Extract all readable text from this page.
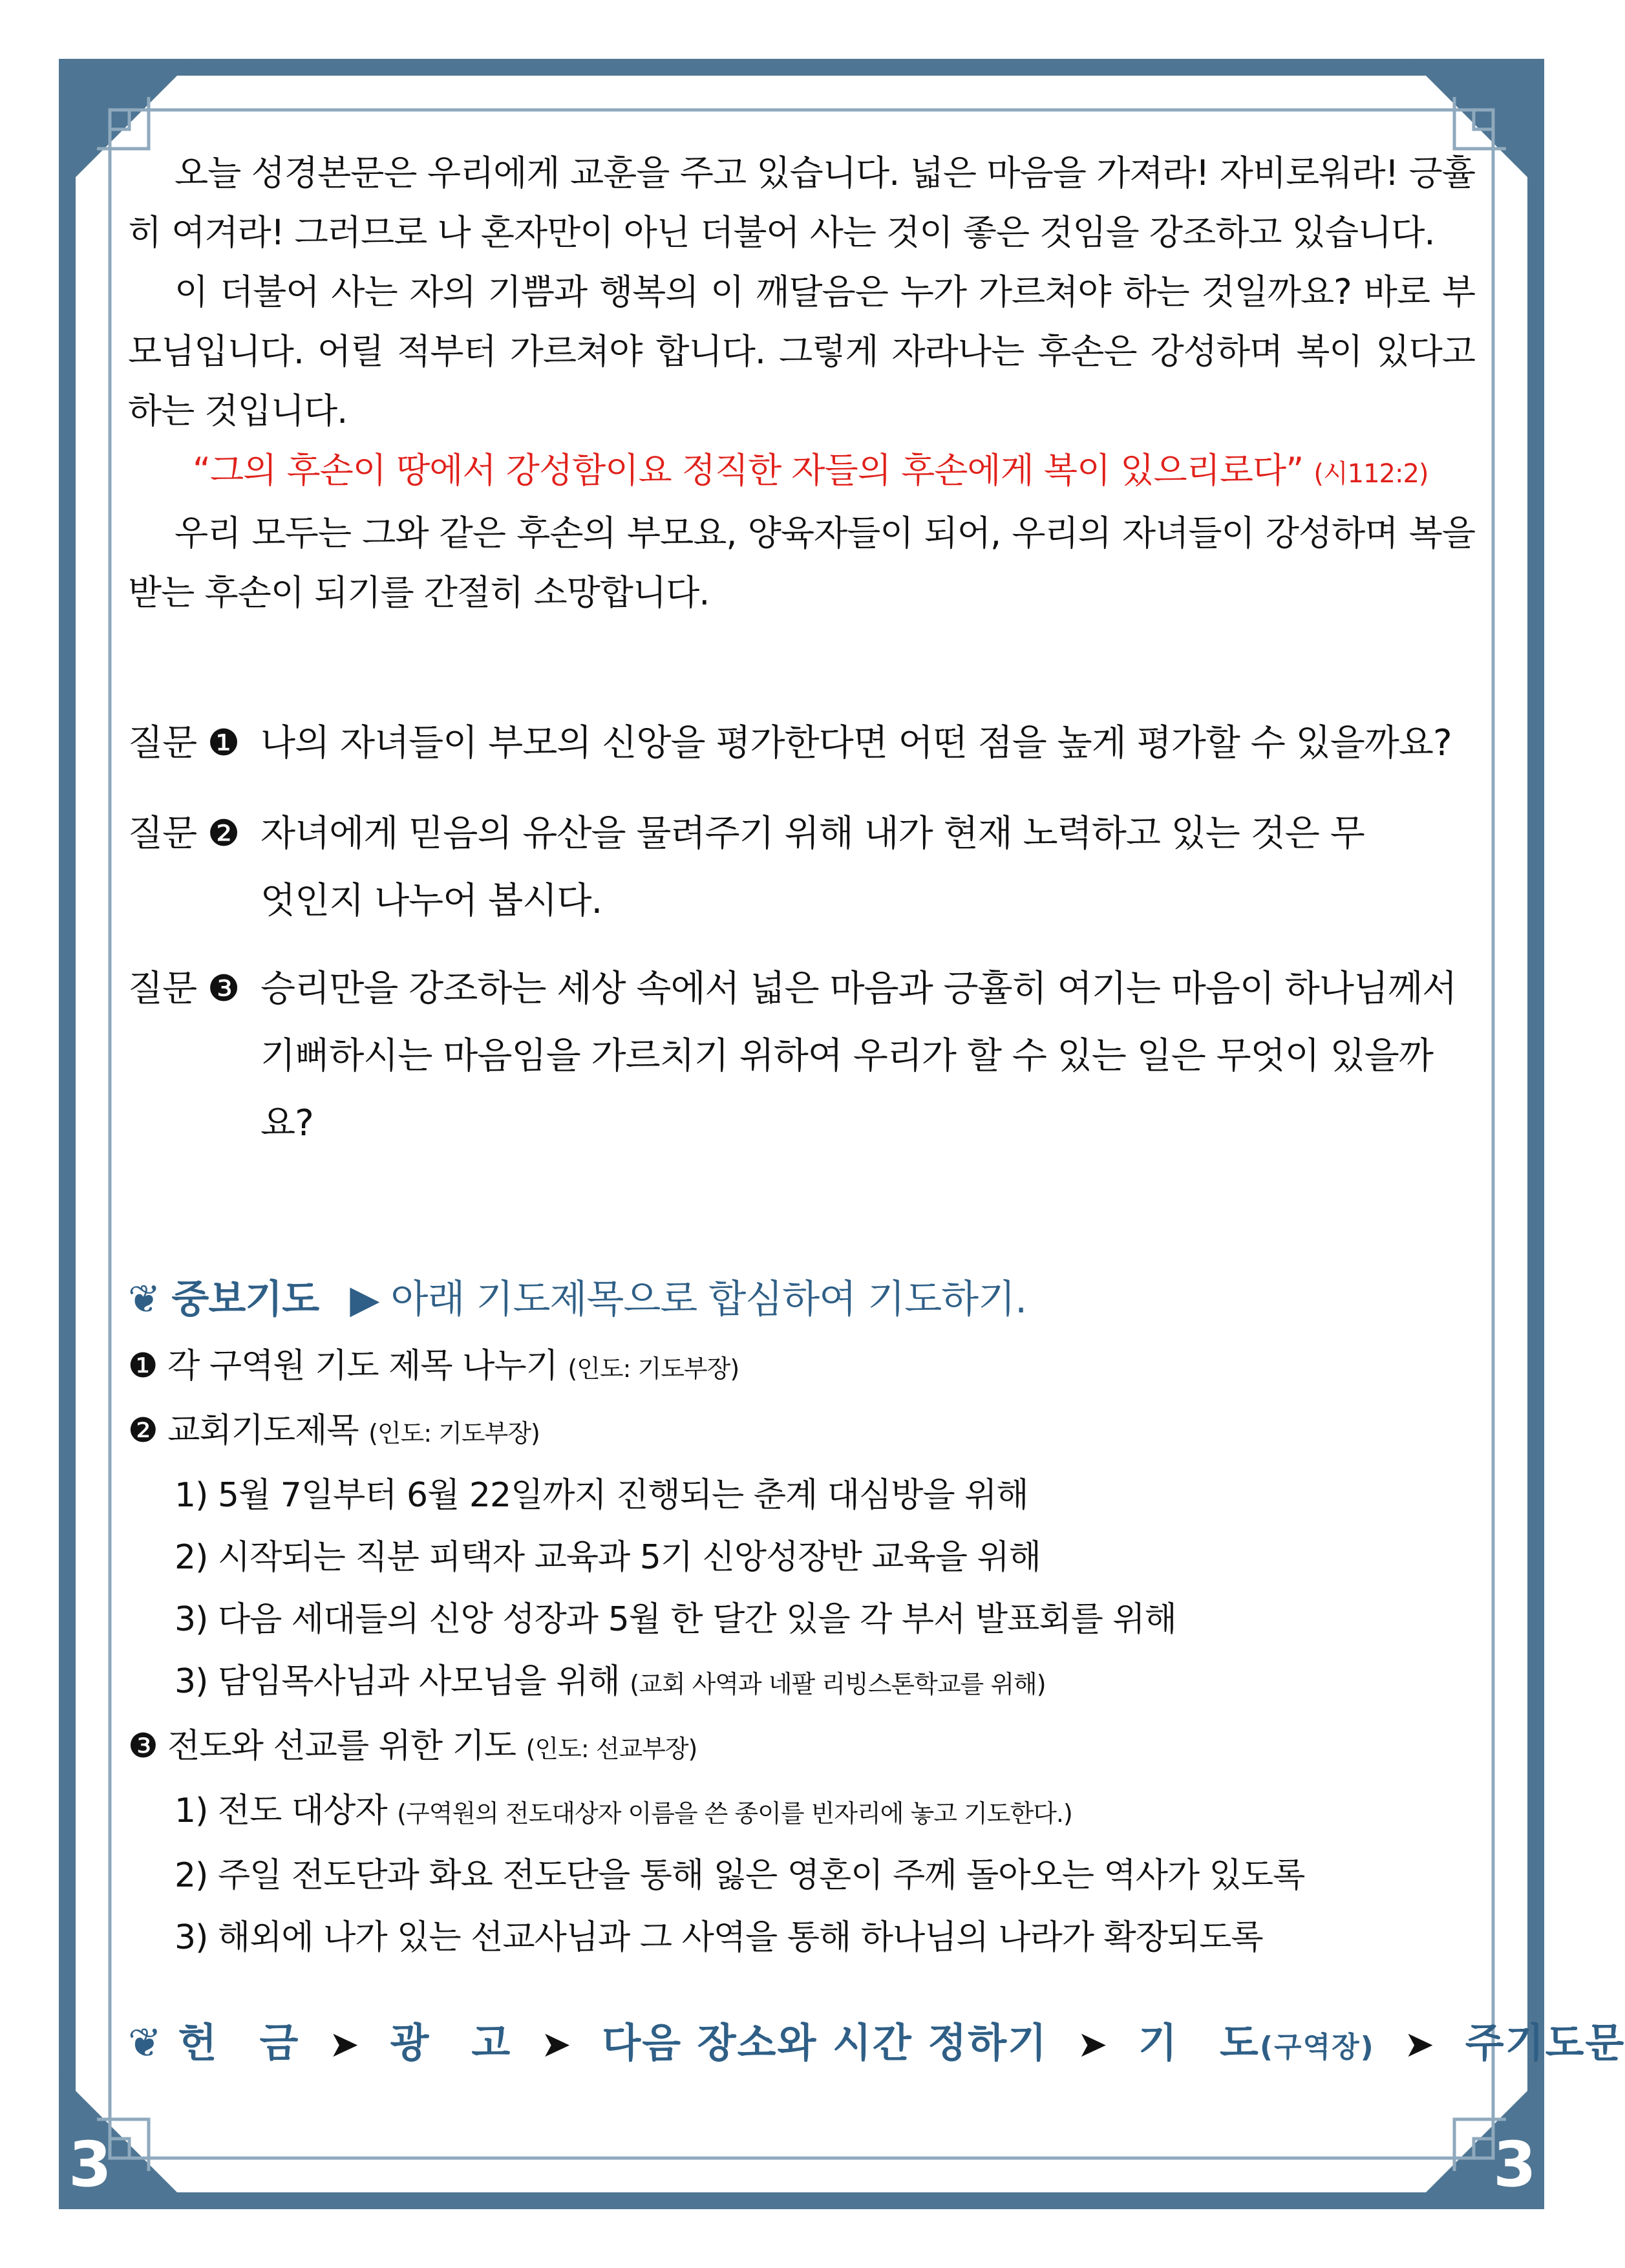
3	3

오늘 성경본문은 우리에게 교훈을 주고 있습니다. 넓은 마음을 가져라! 자비로워라! 긍휼히 여겨라! 그러므로 나 혼자만이 아닌 더불어 사는 것이 좋은 것임을 강조하고 있습니다.

이 더불어 사는 자의 기쁨과 행복의 이 깨달음은 누가 가르쳐야 하는 것일까요? 바로 부모님입니다. 어릴 적부터 가르쳐야 합니다. 그렇게 자라나는 후손은 강성하며 복이 있다고 하는 것입니다.

“그의 후손이 땅에서 강성함이요 정직한 자들의 후손에게 복이 있으리로다” (시112:2)

우리 모두는 그와 같은 후손의 부모요, 양육자들이 되어, 우리의 자녀들이 강성하며 복을 받는 후손이 되기를 간절히 소망합니다.

질문 ❶ 나의 자녀들이 부모의 신앙을 평가한다면 어떤 점을 높게 평가할 수 있을까요?
질문 ❷ 자녀에게 믿음의 유산을 물려주기 위해 내가 현재 노력하고 있는 것은 무엇인지 나누어 봅시다.
질문 ❸ 승리만을 강조하는 세상 속에서 넓은 마음과 긍휼히 여기는 마음이 하나님께서 기뻐하시는 마음임을 가르치기 위하여 우리가 할 수 있는 일은 무엇이 있을까요?
❦ 중보기도 ▶ 아래 기도제목으로 합심하여 기도하기.
❶ 각 구역원 기도 제목 나누기 (인도: 기도부장)
❷ 교회기도제목 (인도: 기도부장)
1) 5월 7일부터 6월 22일까지 진행되는 춘계 대심방을 위해
2) 시작되는 직분 피택자 교육과 5기 신앙성장반 교육을 위해
3) 다음 세대들의 신앙 성장과 5월 한 달간 있을 각 부서 발표회를 위해
3) 담임목사님과 사모님을 위해 (교회 사역과 네팔 리빙스톤학교를 위해)
❸ 전도와 선교를 위한 기도 (인도: 선교부장)
1) 전도 대상자 (구역원의 전도대상자 이름을 쓴 종이를 빈자리에 놓고 기도한다.)
2) 주일 전도단과 화요 전도단을 통해 잃은 영혼이 주께 돌아오는 역사가 있도록
3) 해외에 나가 있는 선교사님과 그 사역을 통해 하나님의 나라가 확장되도록
❦ 헌　금 ➤ 광　고 ➤ 다음 장소와 시간 정하기 ➤ 기　도(구역장) ➤ 주기도문
